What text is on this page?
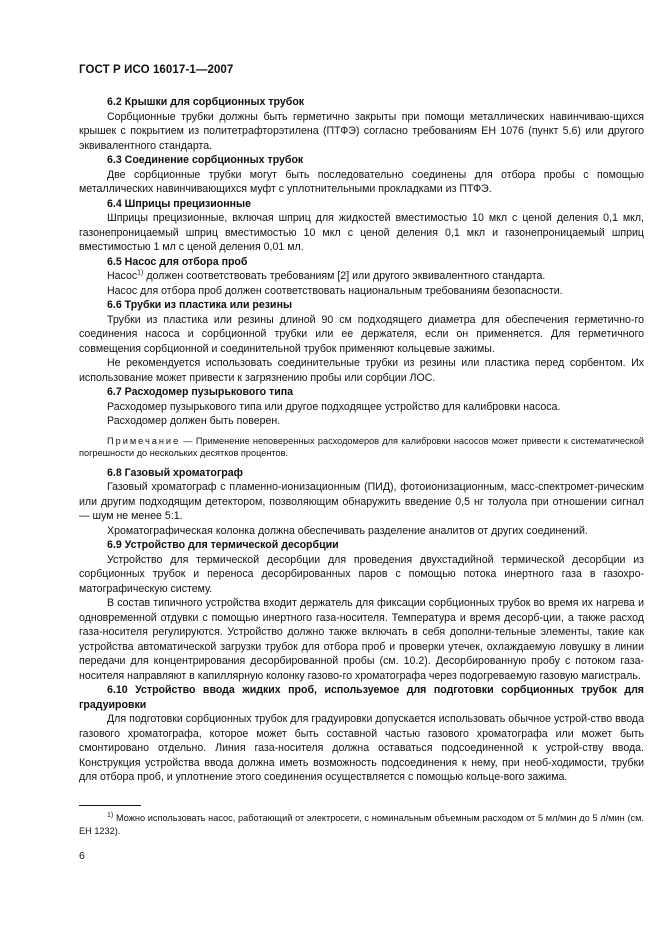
ГОСТ Р ИСО 16017-1—2007

6.2 Крышки для сорбционных трубок

Сорбционные трубки должны быть герметично закрыты при помощи металлических навинчиваю-щихся крышек с покрытием из политетрафторэтилена (ПТФЭ) согласно требованиям ЕН 1076 (пункт 5.6) или другого эквивалентного стандарта.

6.3 Соединение сорбционных трубок

Две сорбционные трубки могут быть последовательно соединены для отбора пробы с помощью металлических навинчивающихся муфт с уплотнительными прокладками из ПТФЭ.

6.4 Шприцы прецизионные

Шприцы прецизионные, включая шприц для жидкостей вместимостью 10 мкл с ценой деления 0,1 мкл, газонепроницаемый шприц вместимостью 10 мкл с ценой деления 0,1 мкл и газонепроницаемый шприц вместимостью 1 мл с ценой деления 0,01 мл.

6.5 Насос для отбора проб

Насос$^{1)}$ должен соответствовать требованиям [2] или другого эквивалентного стандарта.

Насос для отбора проб должен соответствовать национальным требованиям безопасности.

6.6 Трубки из пластика или резины

Трубки из пластика или резины длиной 90 см подходящего диаметра для обеспечения герметично-го соединения насоса и сорбционной трубки или ее держателя, если он применяется. Для герметичного совмещения сорбционной и соединительной трубок применяют кольцевые зажимы.

Не рекомендуется использовать соединительные трубки из резины или пластика перед сорбентом. Их использование может привести к загрязнению пробы или сорбции ЛОС.

6.7 Расходомер пузырькового типа

Расходомер пузырькового типа или другое подходящее устройство для калибровки насоса.

Расходомер должен быть поверен.

Примечание — Применение неповеренных расходомеров для калибровки насосов может привести к систематической погрешности до нескольких десятков процентов.

6.8 Газовый хроматограф

Газовый хроматограф с пламенно-ионизационным (ПИД), фотоионизационным, масс-спектромет-рическим или другим подходящим детектором, позволяющим обнаружить введение 0,5 нг толуола при отношении сигнал — шум не менее 5:1.

Хроматографическая колонка должна обеспечивать разделение аналитов от других соединений.

6.9 Устройство для термической десорбции

Устройство для термической десорбции для проведения двухстадийной термической десорбции из сорбционных трубок и переноса десорбированных паров с помощью потока инертного газа в газохро-матографическую систему.

В состав типичного устройства входит держатель для фиксации сорбционных трубок во время их нагрева и одновременной отдувки с помощью инертного газа-носителя. Температура и время десорб-ции, а также расход газа-носителя регулируются. Устройство должно также включать в себя дополни-тельные элементы, такие как устройства автоматической загрузки трубок для отбора проб и проверки утечек, охлаждаемую ловушку в линии передачи для концентрирования десорбированной пробы (см. 10.2). Десорбированную пробу с потоком газа-носителя направляют в капиллярную колонку газово-го хроматографа через подогреваемую газовую магистраль.

6.10 Устройство ввода жидких проб, используемое для подготовки сорбционных трубок для градуировки

Для подготовки сорбционных трубок для градуировки допускается использовать обычное устрой-ство ввода газового хроматографа, которое может быть составной частью газового хроматографа или может быть смонтировано отдельно. Линия газа-носителя должна оставаться подсоединенной к устрой-ству ввода. Конструкция устройства ввода должна иметь возможность подсоединения к нему, при необ-ходимости, трубки для отбора проб, и уплотнение этого соединения осуществляется с помощью кольце-вого зажима.

$^{1)}$ Можно использовать насос, работающий от электросети, с номинальным объемным расходом от 5 мл/мин до 5 л/мин (см. ЕН 1232).
6
